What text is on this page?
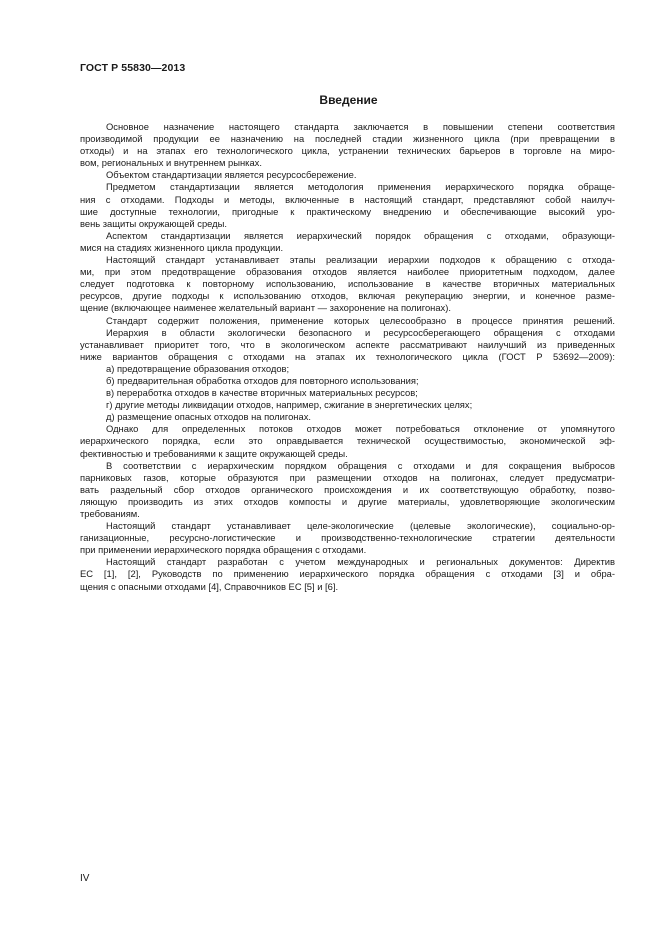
ГОСТ Р 55830—2013
Введение
Основное назначение настоящего стандарта заключается в повышении степени соответствия
производимой продукции ее назначению на последней стадии жизненного цикла (при превращении в
отходы) и на этапах его технологического цикла, устранении технических барьеров в торговле на миро-
вом, региональных и внутреннем рынках.
Объектом стандартизации является ресурсосбережение.
Предметом стандартизации является методология применения иерархического порядка обраще-
ния с отходами. Подходы и методы, включенные в настоящий стандарт, представляют собой наилуч-
шие доступные технологии, пригодные к практическому внедрению и обеспечивающие высокий уро-
вень защиты окружающей среды.
Аспектом стандартизации является иерархический порядок обращения с отходами, образующи-
мися на стадиях жизненного цикла продукции.
Настоящий стандарт устанавливает этапы реализации иерархии подходов к обращению с отхода-
ми, при этом предотвращение образования отходов является наиболее приоритетным подходом, далее
следует подготовка к повторному использованию, использование в качестве вторичных материальных
ресурсов, другие подходы к использованию отходов, включая рекуперацию энергии, и конечное разме-
щение (включающее наименее желательный вариант — захоронение на полигонах).
Стандарт содержит положения, применение которых целесообразно в процессе принятия решений.
Иерархия в области экологически безопасного и ресурсосберегающего обращения с отходами
устанавливает приоритет того, что в экологическом аспекте рассматривают наилучший из приведенных
ниже вариантов обращения с отходами на этапах их технологического цикла (ГОСТ Р 53692—2009):
а) предотвращение образования отходов;
б) предварительная обработка отходов для повторного использования;
в) переработка отходов в качестве вторичных материальных ресурсов;
г) другие методы ликвидации отходов, например, сжигание в энергетических целях;
д) размещение опасных отходов на полигонах.
Однако для определенных потоков отходов может потребоваться отклонение от упомянутого
иерархического порядка, если это оправдывается технической осуществимостью, экономической эф-
фективностью и требованиями к защите окружающей среды.
В соответствии с иерархическим порядком обращения с отходами и для сокращения выбросов
парниковых газов, которые образуются при размещении отходов на полигонах, следует предусматри-
вать раздельный сбор отходов органического происхождения и их соответствующую обработку, позво-
ляющую производить из этих отходов компосты и другие материалы, удовлетворяющие экологическим
требованиям.
Настоящий стандарт устанавливает целе-экологические (целевые экологические), социально-ор-
ганизационные, ресурсно-логистические и производственно-технологические стратегии деятельности
при применении иерархического порядка обращения с отходами.
Настоящий стандарт разработан с учетом международных и региональных документов: Директив
ЕС [1], [2], Руководств по применению иерархического порядка обращения с отходами [3] и обра-
щения с опасными отходами [4], Справочников ЕС [5] и [6].
IV
